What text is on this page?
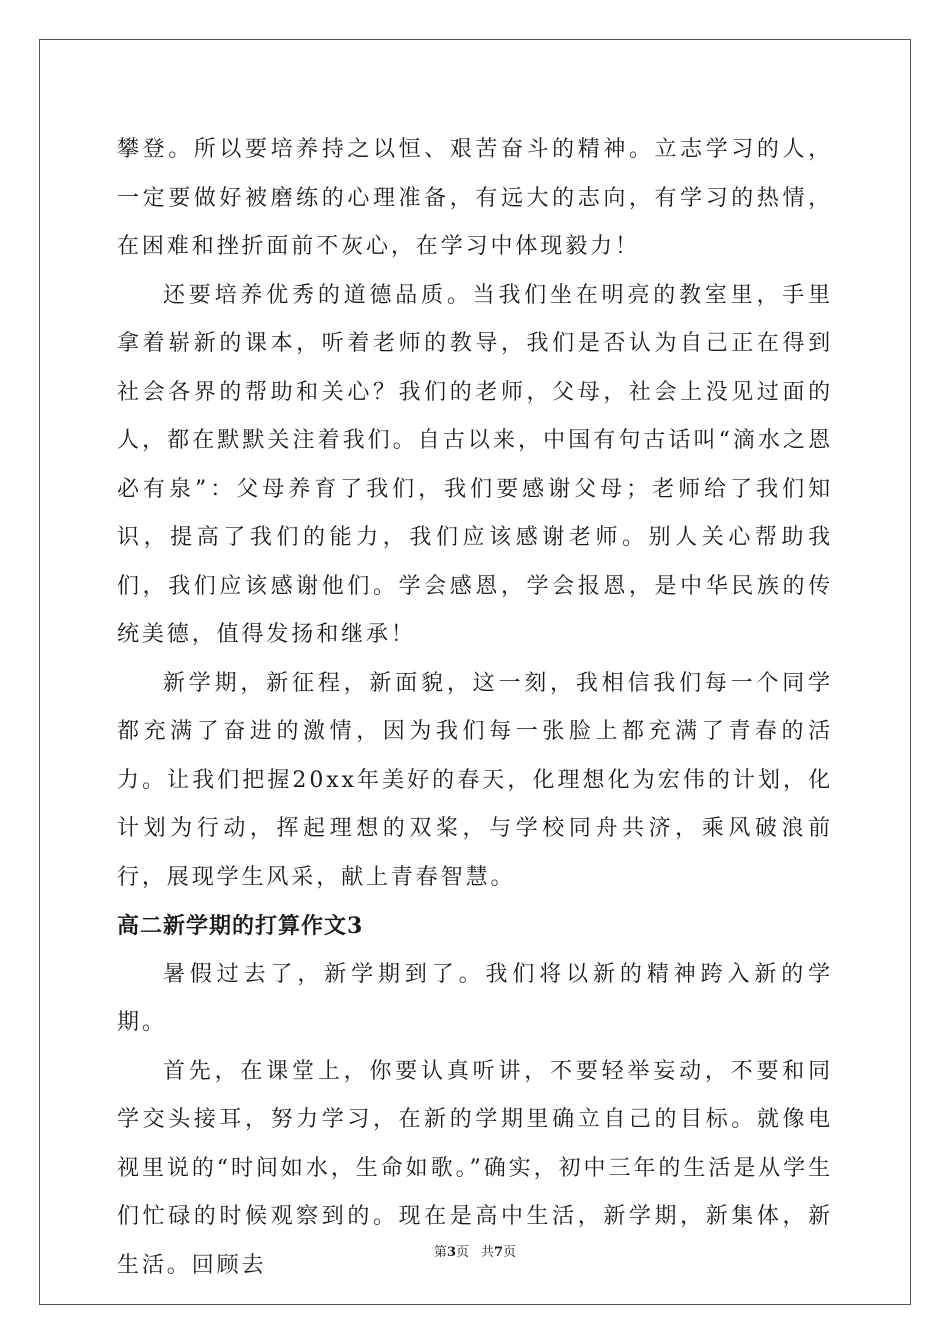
攀登。所以要培养持之以恒、艰苦奋斗的精神。立志学习的人，一定要做好被磨练的心理准备，有远大的志向，有学习的热情，在困难和挫折面前不灰心，在学习中体现毅力！

还要培养优秀的道德品质。当我们坐在明亮的教室里，手里拿着崭新的课本，听着老师的教导，我们是否认为自己正在得到社会各界的帮助和关心？我们的老师，父母，社会上没见过面的人，都在默默关注着我们。自古以来，中国有句古话叫“滴水之恩必有泉”：父母养育了我们，我们要感谢父母；老师给了我们知识，提高了我们的能力，我们应该感谢老师。别人关心帮助我们，我们应该感谢他们。学会感恩，学会报恩，是中华民族的传统美德，值得发扬和继承！

新学期，新征程，新面貌，这一刻，我相信我们每一个同学都充满了奋进的激情，因为我们每一张脸上都充满了青春的活力。让我们把握20xx年美好的春天，化理想化为宏伟的计划，化计划为行动，挥起理想的双桨，与学校同舟共济，乘风破浪前行，展现学生风采，献上青春智慧。

高二新学期的打算作文3

暑假过去了，新学期到了。我们将以新的精神跨入新的学期。

首先，在课堂上，你要认真听讲，不要轻举妄动，不要和同学交头接耳，努力学习，在新的学期里确立自己的目标。就像电视里说的“时间如水，生命如歌。”确实，初中三年的生活是从学生们忙碌的时候观察到的。现在是高中生活，新学期，新集体，新生活。回顾去	第3页 共7页
